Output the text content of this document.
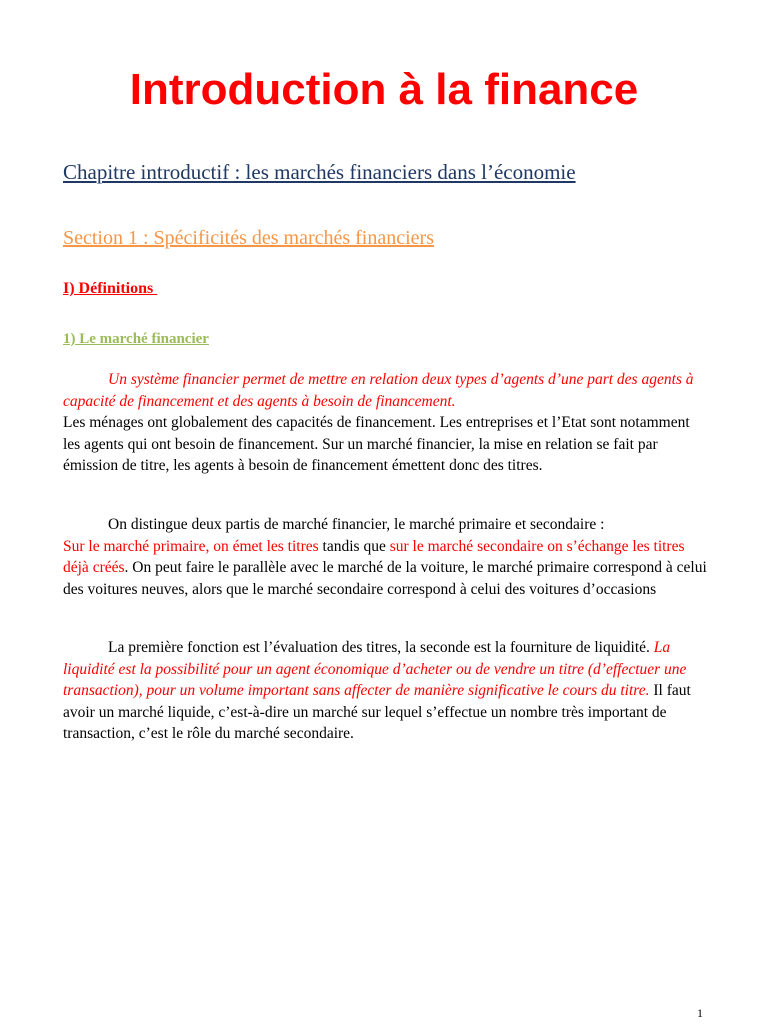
Introduction à la finance
Chapitre introductif : les marchés financiers dans l’économie
Section 1 : Spécificités des marchés financiers
I) Définitions
1) Le marché financier
Un système financier permet de mettre en relation deux types d’agents d’une part des agents à capacité de financement et des agents à besoin de financement.
Les ménages ont globalement des capacités de financement. Les entreprises et l’Etat sont notamment les agents qui ont besoin de financement. Sur un marché financier, la mise en relation se fait par émission de titre, les agents à besoin de financement émettent donc des titres.
On distingue deux partis de marché financier, le marché primaire et secondaire :
Sur le marché primaire, on émet les titres tandis que sur le marché secondaire on s’échange les titres déjà créés. On peut faire le parallèle avec le marché de la voiture, le marché primaire correspond à celui des voitures neuves, alors que le marché secondaire correspond à celui des voitures d’occasions
La première fonction est l’évaluation des titres, la seconde est la fourniture de liquidité. La liquidité est la possibilité pour un agent économique d’acheter ou de vendre un titre (d’effectuer une transaction), pour un volume important sans affecter de manière significative le cours du titre. Il faut avoir un marché liquide, c’est-à-dire un marché sur lequel s’effectue un nombre très important de transaction, c’est le rôle du marché secondaire.
1
